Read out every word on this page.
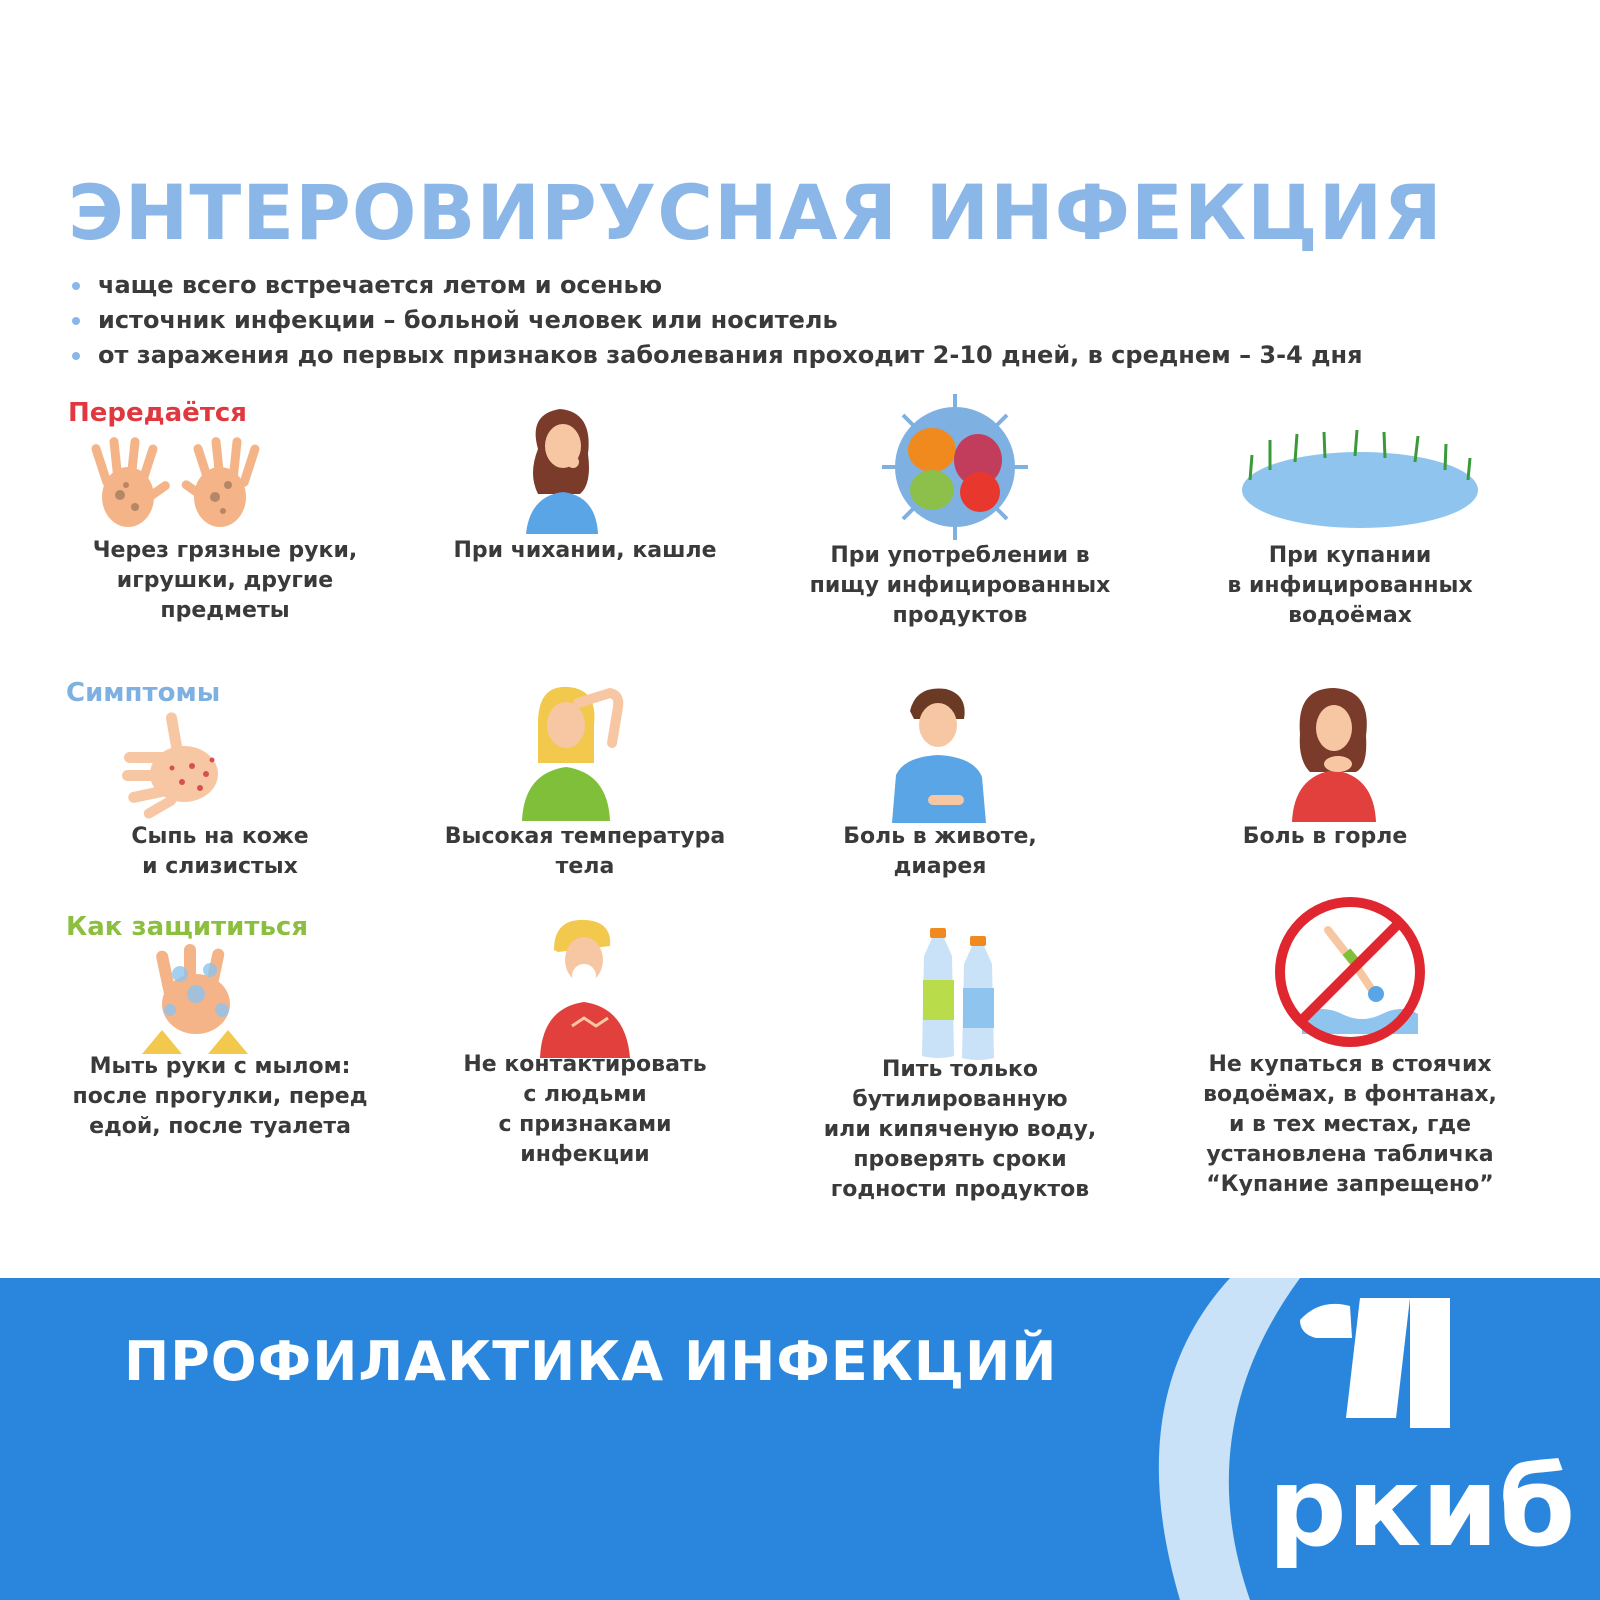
ЭНТЕРОВИРУСНАЯ ИНФЕКЦИЯ
чаще всего встречается летом и осенью
источник инфекции – больной человек или носитель
от заражения до первых признаков заболевания проходит 2-10 дней, в среднем – 3-4 дня
Передаётся
Симптомы
Как защититься
Через грязные руки,
игрушки, другие
предметы
При чихании, кашле	При употреблении в
пищу инфицированных
продуктов
При купании
в инфицированных
водоёмах
Сыпь на коже
и слизистых
Высокая температура
тела
Боль в животе,
диарея
Боль в горле
Мыть руки с мылом:
после прогулки, перед
едой, после туалета
Не контактировать
с людьми
с признаками
инфекции
Пить только
бутилированную
или кипяченую воду,
проверять сроки
годности продуктов
Не купаться в стоячих
водоёмах, в фонтанах,
и в тех местах, где
установлена табличка
“Купание запрещено”
ПРОФИЛАКТИКА ИНФЕКЦИЙ
ркиб
